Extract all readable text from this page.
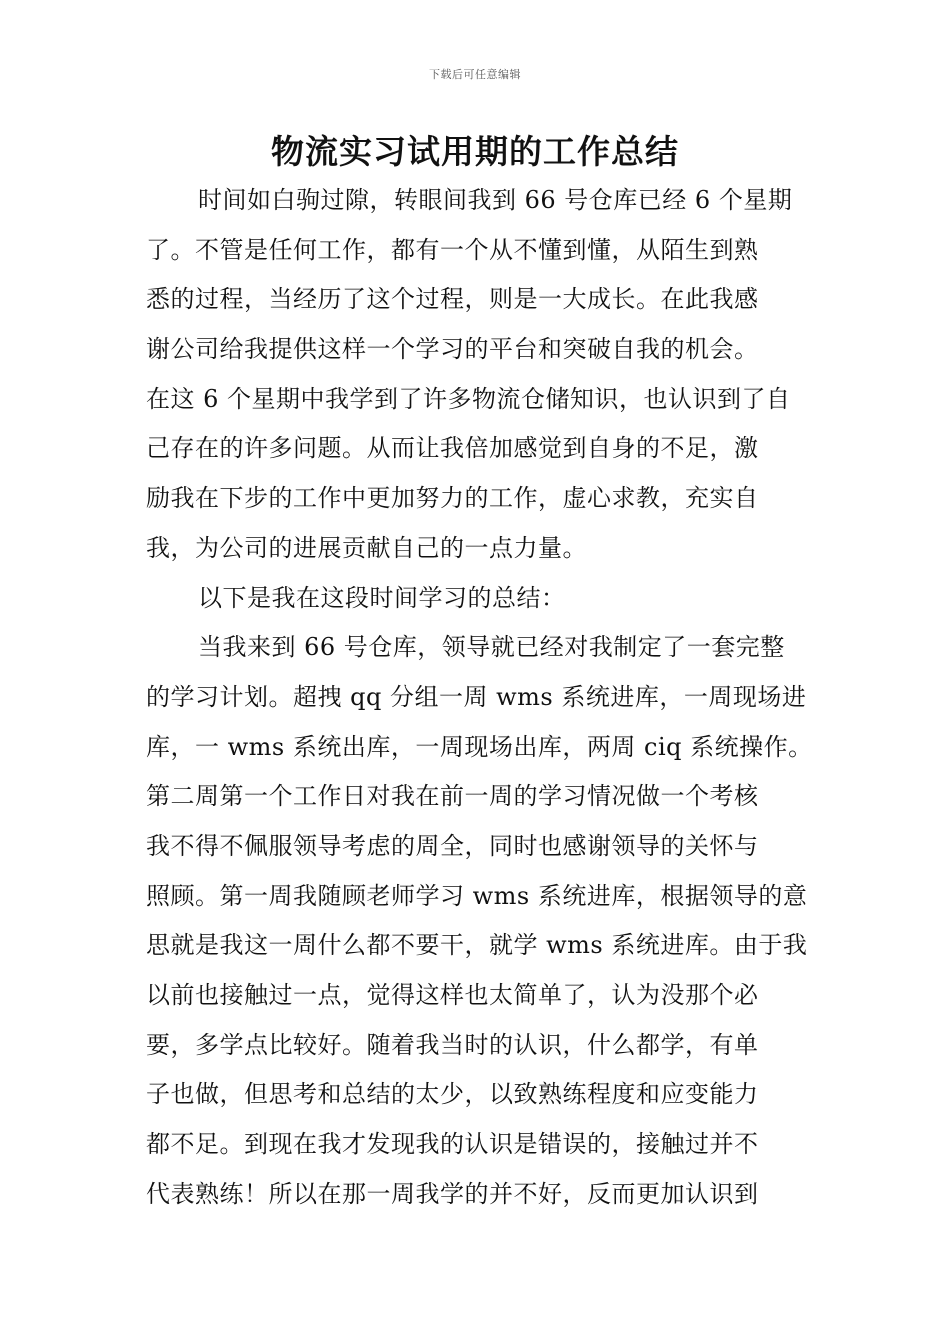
下载后可任意编辑
物流实习试用期的工作总结
时间如白驹过隙，转眼间我到 66 号仓库已经 6 个星期
了。不管是任何工作，都有一个从不懂到懂，从陌生到熟
悉的过程，当经历了这个过程，则是一大成长。在此我感
谢公司给我提供这样一个学习的平台和突破自我的机会。
在这 6 个星期中我学到了许多物流仓储知识，也认识到了自
己存在的许多问题。从而让我倍加感觉到自身的不足，激
励我在下步的工作中更加努力的工作，虚心求教，充实自
我，为公司的进展贡献自己的一点力量。
以下是我在这段时间学习的总结：
当我来到 66 号仓库，领导就已经对我制定了一套完整
的学习计划。超拽 qq 分组一周 wms 系统进库，一周现场进
库，一 wms 系统出库，一周现场出库，两周 ciq 系统操作。
第二周第一个工作日对我在前一周的学习情况做一个考核
我不得不佩服领导考虑的周全，同时也感谢领导的关怀与
照顾。第一周我随顾老师学习 wms 系统进库，根据领导的意
思就是我这一周什么都不要干，就学 wms 系统进库。由于我
以前也接触过一点，觉得这样也太简单了，认为没那个必
要，多学点比较好。随着我当时的认识，什么都学，有单
子也做，但思考和总结的太少，以致熟练程度和应变能力
都不足。到现在我才发现我的认识是错误的，接触过并不
代表熟练！所以在那一周我学的并不好，反而更加认识到
